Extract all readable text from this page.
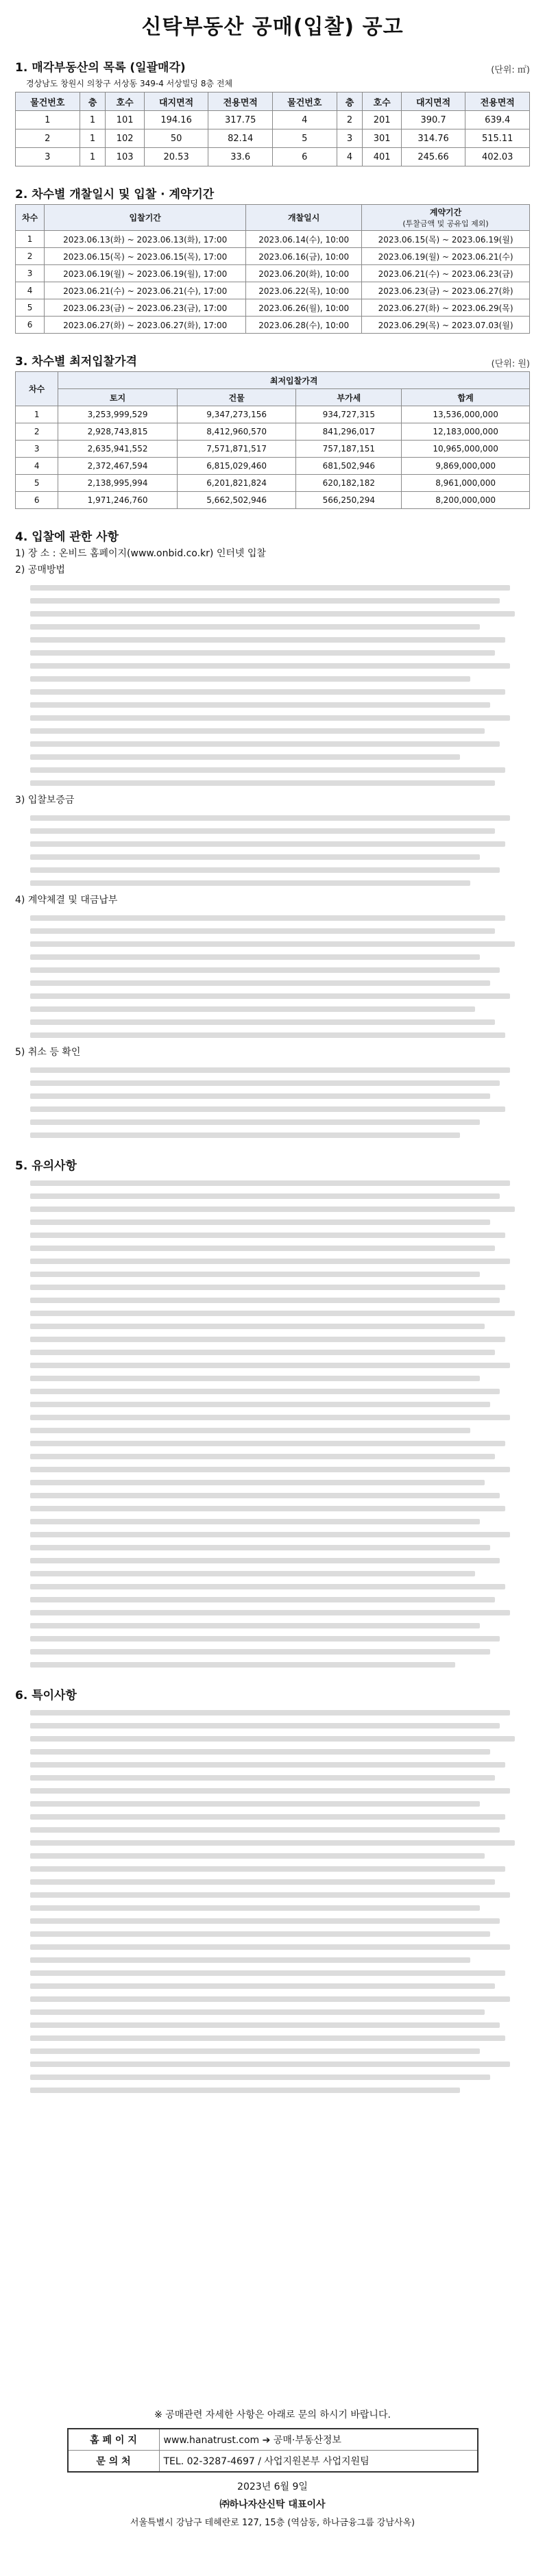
신탁부동산 공매(입찰) 공고
1. 매각부동산의 목록 (일괄매각)	(단위: ㎡)
경상남도 창원시 의창구 서상동 349-4 서상빌딩 8층 전체
물건번호	층	호수	대지면적	전용면적	물건번호	층	호수	대지면적	전용면적
1	1	101	194.16	317.75	4	2	201	390.7	639.4
2	1	102	50	82.14	5	3	301	314.76	515.11
3	1	103	20.53	33.6	6	4	401	245.66	402.03
2. 차수별 개찰일시 및 입찰 · 계약기간
차수	입찰기간	개찰일시	계약기간
(투찰금액 및 공유입 제외)
1	2023.06.13(화) ~ 2023.06.13(화), 17:00	2023.06.14(수), 10:00	2023.06.15(목) ~ 2023.06.19(월)
2	2023.06.15(목) ~ 2023.06.15(목), 17:00	2023.06.16(금), 10:00	2023.06.19(월) ~ 2023.06.21(수)
3	2023.06.19(월) ~ 2023.06.19(월), 17:00	2023.06.20(화), 10:00	2023.06.21(수) ~ 2023.06.23(금)
4	2023.06.21(수) ~ 2023.06.21(수), 17:00	2023.06.22(목), 10:00	2023.06.23(금) ~ 2023.06.27(화)
5	2023.06.23(금) ~ 2023.06.23(금), 17:00	2023.06.26(월), 10:00	2023.06.27(화) ~ 2023.06.29(목)
6	2023.06.27(화) ~ 2023.06.27(화), 17:00	2023.06.28(수), 10:00	2023.06.29(목) ~ 2023.07.03(월)
3. 차수별 최저입찰가격	(단위: 원)
차수	최저입찰가격			
	토지	건물	부가세	합계
1	3,253,999,529	9,347,273,156	934,727,315	13,536,000,000
2	2,928,743,815	8,412,960,570	841,296,017	12,183,000,000
3	2,635,941,552	7,571,871,517	757,187,151	10,965,000,000
4	2,372,467,594	6,815,029,460	681,502,946	9,869,000,000
5	2,138,995,994	6,201,821,824	620,182,182	8,961,000,000
6	1,971,246,760	5,662,502,946	566,250,294	8,200,000,000
4. 입찰에 관한 사항

1) 장 소 : 온비드 홈페이지(www.onbid.co.kr) 인터넷 입찰

2) 공매방법

3) 입찰보증금

4) 계약체결 및 대금납부

5) 취소 등 확인

5. 유의사항
6. 특이사항
※ 공매관련 자세한 사항은 아래로 문의 하시기 바랍니다.
홈 페 이 지	www.hanatrust.com ➔ 공매·부동산정보
문 의 처	TEL. 02-3287-4697 / 사업지원본부 사업지원팀
2023년 6월 9일
㈜하나자산신탁 대표이사
서울특별시 강남구 테헤란로 127, 15층 (역삼동, 하나금융그룹 강남사옥)
